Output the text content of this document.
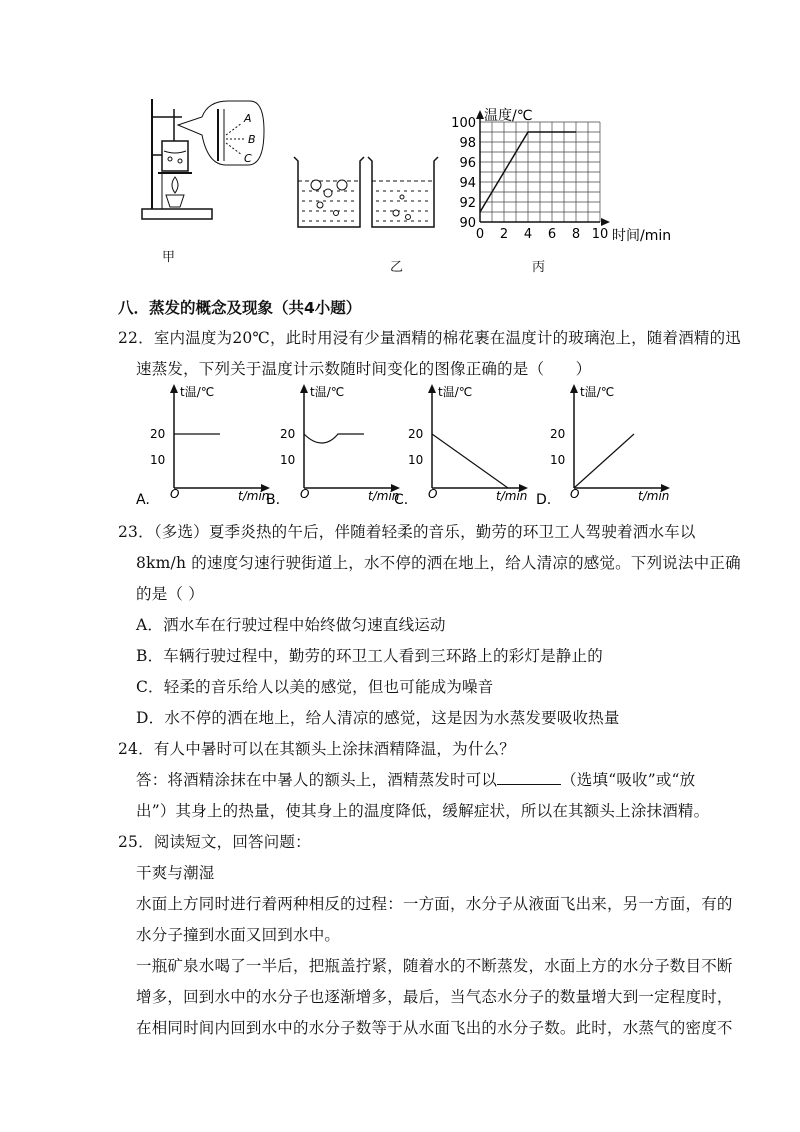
A
B
C
甲
乙
90
92
94
96
98
100
0 2 4 6 8 10
温度/℃
时间/min
丙
八．蒸发的概念及现象（共4小题）
22．室内温度为20℃，此时用浸有少量酒精的棉花裹在温度计的玻璃泡上，随着酒精的迅
速蒸发，下列关于温度计示数随时间变化的图像正确的是（　　）
t温/℃
20
10
O	t/min
A.
t温/℃
20
10
O	t/min
B.
t温/℃
20
10
O	t/min
C.
t温/℃
20
10
O	t/min
D.
23．（多选）夏季炎热的午后，伴随着轻柔的音乐，勤劳的环卫工人驾驶着洒水车以
8km/h 的速度匀速行驶街道上，水不停的洒在地上，给人清凉的感觉。下列说法中正确
的是（ ）
A．洒水车在行驶过程中始终做匀速直线运动
B．车辆行驶过程中，勤劳的环卫工人看到三环路上的彩灯是静止的
C．轻柔的音乐给人以美的感觉，但也可能成为噪音
D．水不停的洒在地上，给人清凉的感觉，这是因为水蒸发要吸收热量
24．有人中暑时可以在其额头上涂抹酒精降温，为什么？
答：将酒精涂抹在中暑人的额头上，酒精蒸发时可以	（选填“吸收”或“放
出”）其身上的热量，使其身上的温度降低，缓解症状，所以在其额头上涂抹酒精。
25．阅读短文，回答问题：
干爽与潮湿
水面上方同时进行着两种相反的过程：一方面，水分子从液面飞出来，另一方面，有的
水分子撞到水面又回到水中。
一瓶矿泉水喝了一半后，把瓶盖拧紧，随着水的不断蒸发，水面上方的水分子数目不断
增多，回到水中的水分子也逐渐增多，最后，当气态水分子的数量增大到一定程度时，
在相同时间内回到水中的水分子数等于从水面飞出的水分子数。此时，水蒸气的密度不
